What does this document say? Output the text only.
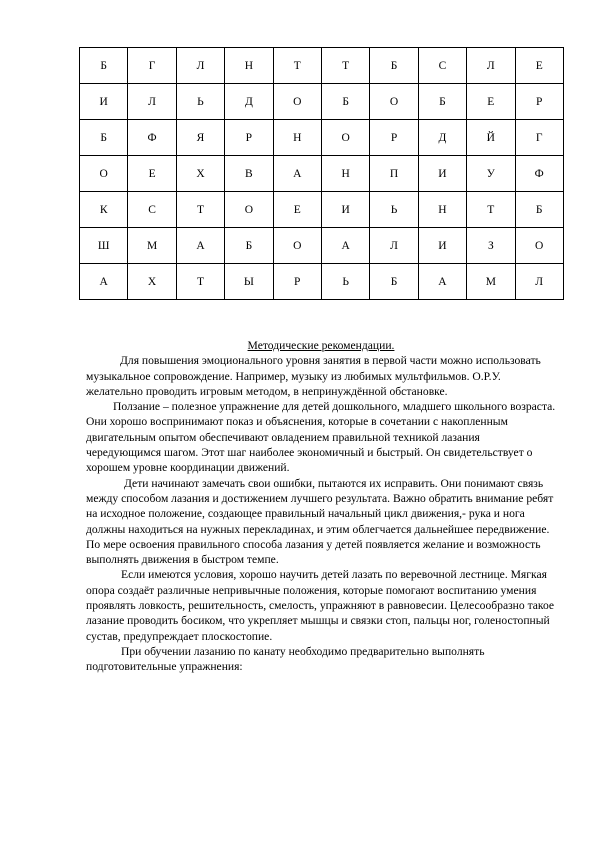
Б	Г	Л	Н	Т	Т	Б	С	Л	Е
И	Л	Ь	Д	О	Б	О	Б	Е	Р
Б	Ф	Я	Р	Н	О	Р	Д	Й	Г
О	Е	Х	В	А	Н	П	И	У	Ф
К	С	Т	О	Е	И	Ь	Н	Т	Б
Ш	М	А	Б	О	А	Л	И	З	О
А	Х	Т	Ы	Р	Ь	Б	А	М	Л

Методические рекомендации.

Для повышения эмоционального уровня занятия в первой части можно использовать музыкальное сопровождение. Например, музыку из любимых мультфильмов. О.Р.У. желательно проводить игровым методом, в непринуждённой обстановке.

Ползание – полезное упражнение для детей дошкольного, младшего школьного возраста. Они хорошо воспринимают показ и объяснения, которые в сочетании с накопленным двигательным опытом обеспечивают овладением правильной техникой лазания чередующимся шагом. Этот шаг наиболее экономичный и быстрый. Он свидетельствует о хорошем уровне координации движений.

Дети начинают замечать свои ошибки, пытаются их исправить. Они понимают связь между способом лазания и достижением лучшего результата. Важно обратить внимание ребят на исходное положение, создающее правильный начальный цикл движения,- рука и нога должны находиться на нужных перекладинах, и этим облегчается дальнейшее передвижение. По мере освоения правильного способа лазания у детей появляется желание и возможность выполнять движения в быстром темпе.

Если имеются условия, хорошо научить детей лазать по веревочной лестнице. Мягкая опора создаёт различные непривычные положения, которые помогают воспитанию умения проявлять ловкость, решительность, смелость, упражняют в равновесии. Целесообразно такое лазание проводить босиком, что укрепляет мышцы и связки стоп, пальцы ног, голеностопный сустав, предупреждает плоскостопие.

При обучении лазанию по канату необходимо предварительно выполнять подготовительные упражнения:
